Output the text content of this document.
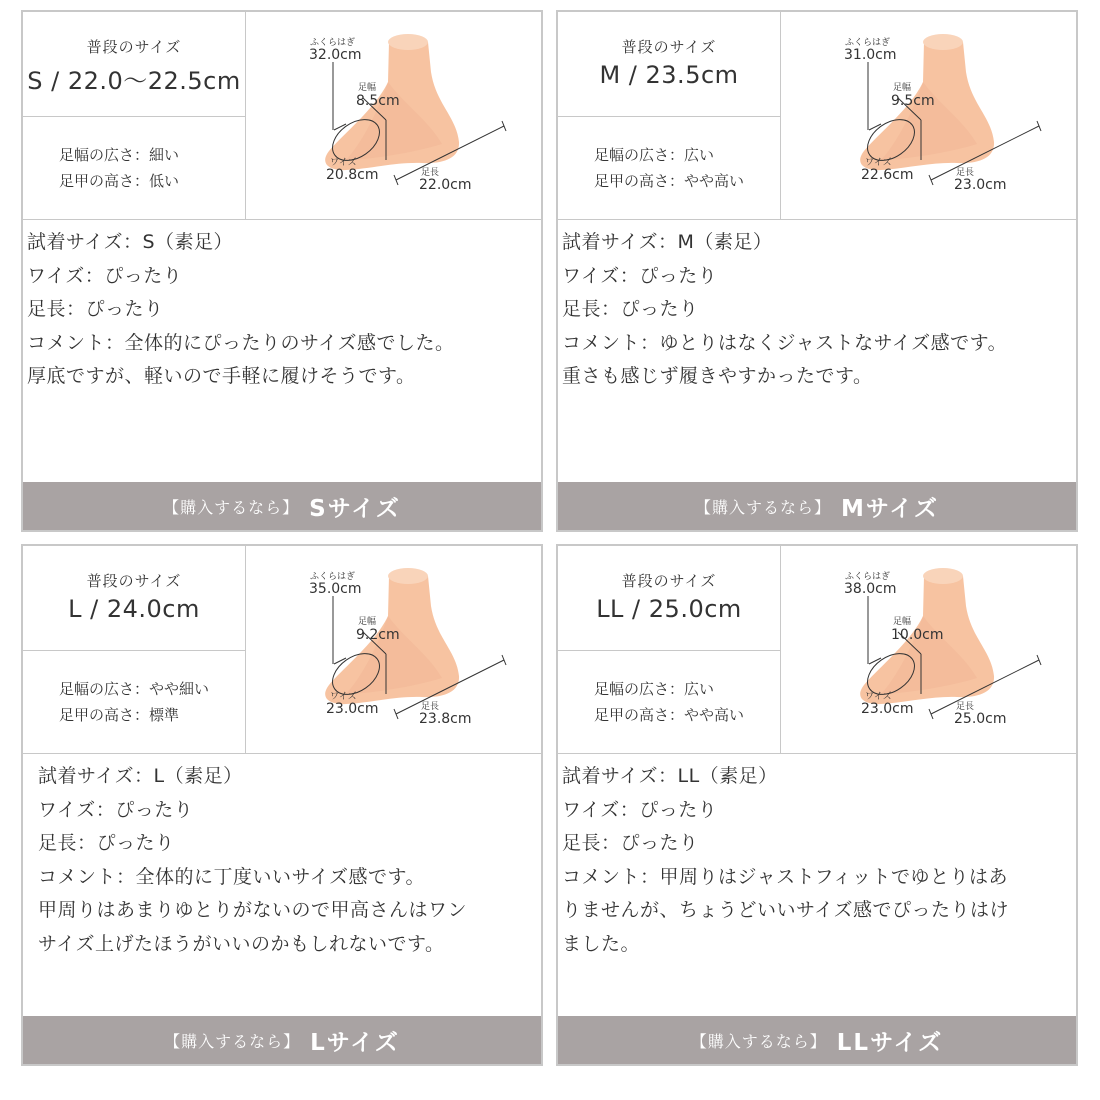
普段のサイズ
S / 22.0〜22.5cm
足幅の広さ：細い
足甲の高さ：低い
ふくらはぎ
32.0cm
足幅
8.5cm
ワイズ
20.8cm	足長
22.0cm
試着サイズ：S（素足）
ワイズ：ぴったり
足長：ぴったり
コメント：全体的にぴったりのサイズ感でした。
厚底ですが、軽いので手軽に履けそうです。
【購入するなら】 Sサイズ
普段のサイズ
M / 23.5cm
足幅の広さ：広い
足甲の高さ：やや高い
ふくらはぎ
31.0cm
足幅
9.5cm
ワイズ
22.6cm	足長
23.0cm
試着サイズ：M（素足）
ワイズ：ぴったり
足長：ぴったり
コメント：ゆとりはなくジャストなサイズ感です。
重さも感じず履きやすかったです。
【購入するなら】 Mサイズ
普段のサイズ
L / 24.0cm
足幅の広さ：やや細い
足甲の高さ：標準
ふくらはぎ
35.0cm
足幅
9.2cm
ワイズ
23.0cm	足長
23.8cm
試着サイズ：L（素足）
ワイズ：ぴったり
足長：ぴったり
コメント：全体的に丁度いいサイズ感です。
甲周りはあまりゆとりがないので甲高さんはワン
サイズ上げたほうがいいのかもしれないです。
【購入するなら】 Lサイズ
普段のサイズ
LL / 25.0cm
足幅の広さ：広い
足甲の高さ：やや高い
ふくらはぎ
38.0cm
足幅
10.0cm
ワイズ
23.0cm	足長
25.0cm
試着サイズ：LL（素足）
ワイズ：ぴったり
足長：ぴったり
コメント：甲周りはジャストフィットでゆとりはあ
りませんが、ちょうどいいサイズ感でぴったりはけ
ました。
【購入するなら】 LLサイズ
